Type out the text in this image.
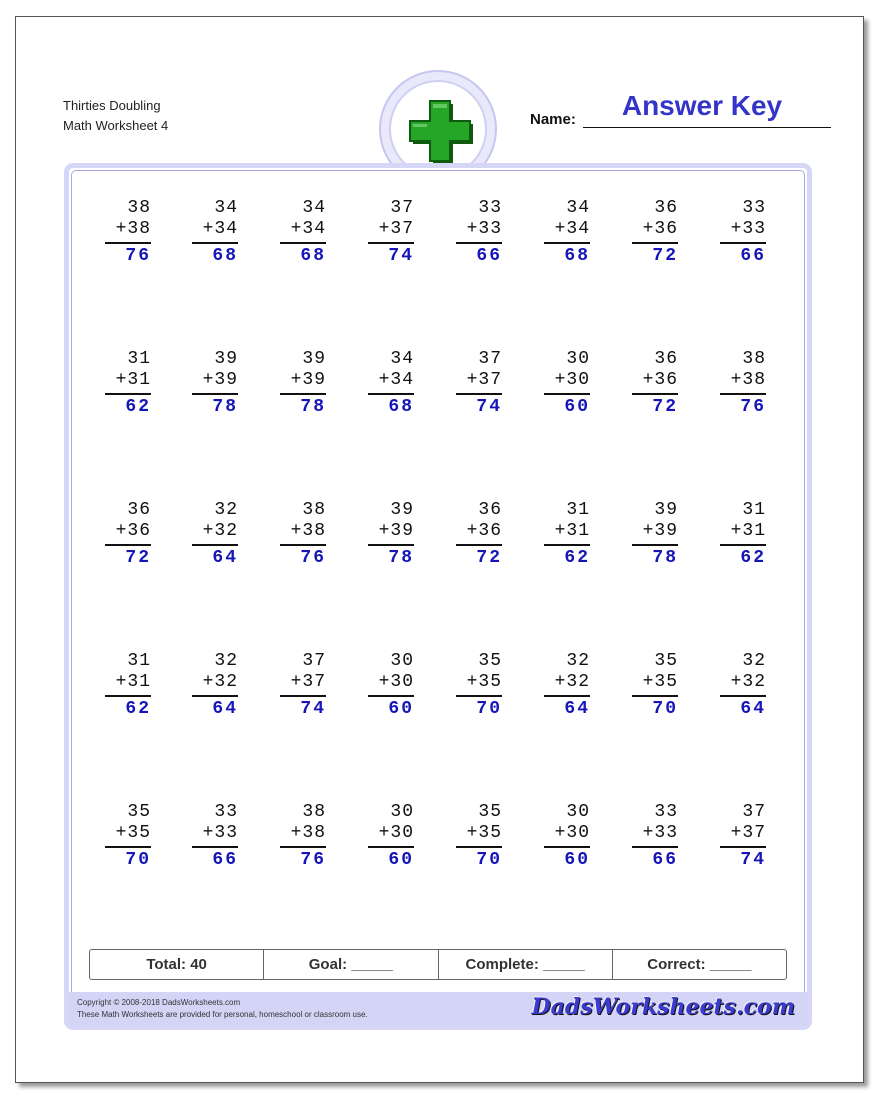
Thirties Doubling
Math Worksheet 4	Name:	Answer Key
38
+38
76
34
+34
68
34
+34
68
37
+37
74
33
+33
66
34
+34
68
36
+36
72
33
+33
66
31
+31
62
39
+39
78
39
+39
78
34
+34
68
37
+37
74
30
+30
60
36
+36
72
38
+38
76
36
+36
72
32
+32
64
38
+38
76
39
+39
78
36
+36
72
31
+31
62
39
+39
78
31
+31
62
31
+31
62
32
+32
64
37
+37
74
30
+30
60
35
+35
70
32
+32
64
35
+35
70
32
+32
64
35
+35
70
33
+33
66
38
+38
76
30
+30
60
35
+35
70
30
+30
60
33
+33
66
37
+37
74
Total: 40	Goal: _____	Complete: _____	Correct: _____
Copyright © 2008-2018 DadsWorksheets.com
These Math Worksheets are provided for personal, homeschool or classroom use.	DadsWorksheets.com
